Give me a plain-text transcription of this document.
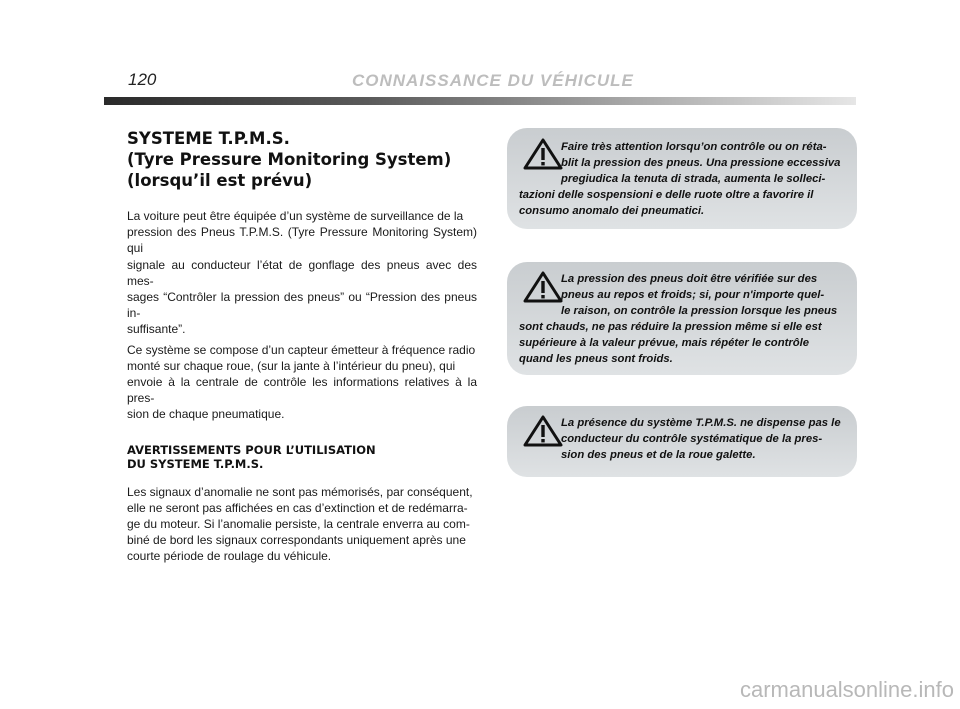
120	CONNAISSANCE DU VÉHICULE
SYSTEME T.P.M.S.
(Tyre Pressure Monitoring System)
(lorsqu’il est prévu)

La voiture peut être équipée d’un système de surveillance de la
pression des Pneus T.P.M.S. (Tyre Pressure Monitoring System) qui
signale au conducteur l’état de gonflage des pneus avec des mes-
sages “Contrôler la pression des pneus” ou “Pression des pneus in-
suffisante”.

Ce système se compose d’un capteur émetteur à fréquence radio
monté sur chaque roue, (sur la jante à l’intérieur du pneu), qui
envoie à la centrale de contrôle les informations relatives à la pres-
sion de chaque pneumatique.

AVERTISSEMENTS POUR L’UTILISATION
DU SYSTEME T.P.M.S.

Les signaux d’anomalie ne sont pas mémorisés, par conséquent,
elle ne seront pas affichées en cas d’extinction et de redémarra-
ge du moteur. Si l’anomalie persiste, la centrale enverra au com-
biné de bord les signaux correspondants uniquement après une
courte période de roulage du véhicule.

Faire très attention lorsqu’on contrôle ou on réta-
blit la pression des pneus. Una pressione eccessiva
pregiudica la tenuta di strada, aumenta le solleci-
tazioni delle sospensioni e delle ruote oltre a favorire il
consumo anomalo dei pneumatici.
La pression des pneus doit être vérifiée sur des
pneus au repos et froids; si, pour n'importe quel-
le raison, on contrôle la pression lorsque les pneus
sont chauds, ne pas réduire la pression même si elle est
supérieure à la valeur prévue, mais répéter le contrôle
quand les pneus sont froids.
La présence du système T.P.M.S. ne dispense pas le
conducteur du contrôle systématique de la pres-
sion des pneus et de la roue galette.
carmanualsonline.info
